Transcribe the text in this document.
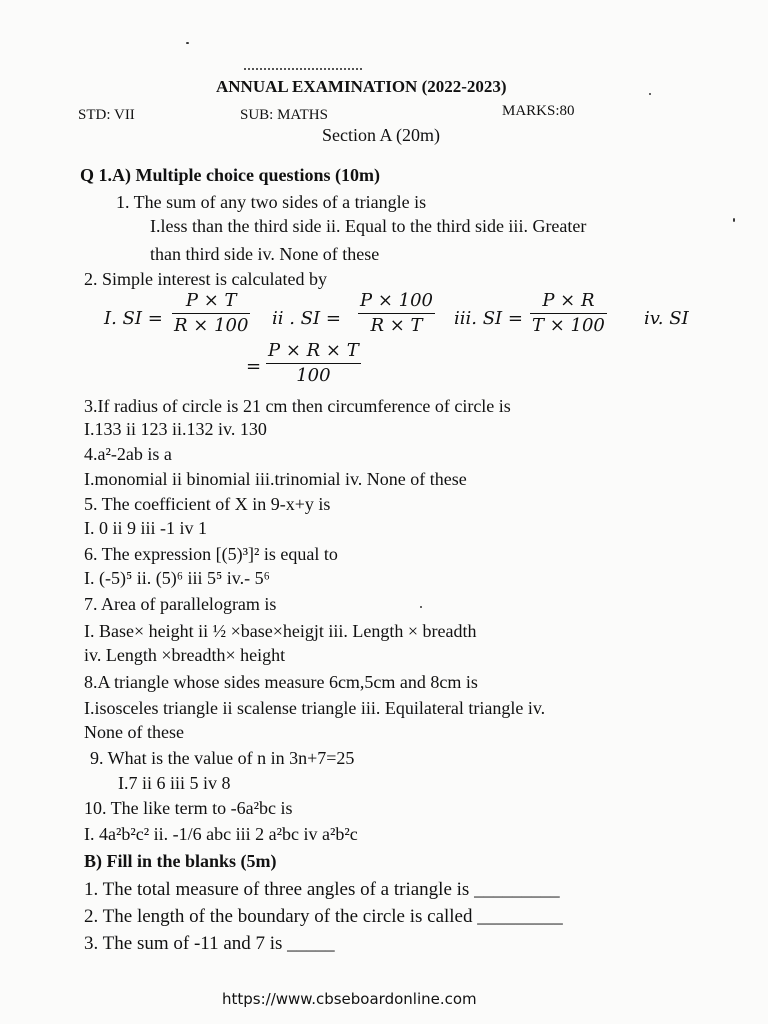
ANNUAL EXAMINATION (2022-2023)
STD: VII	SUB: MATHS	MARKS:80
Section A (20m)
Q 1.A) Multiple choice questions (10m)
1. The sum of any two sides of a triangle is
I.less than the third side ii. Equal to the third side iii. Greater
than third side iv. None of these
2. Simple interest is calculated by
I. SI =
P × T
R × 100 ii . SI =
P × 100
R × T iii. SI =
P × R
T × 100 iv. SI
=
P × R × T
100
3.If radius of circle is 21 cm then circumference of circle is
I.133 ii 123 ii.132 iv. 130
4.a²-2ab is a
I.monomial ii binomial iii.trinomial iv. None of these
5. The coefficient of X in 9-x+y is
I. 0 ii 9 iii -1 iv 1
6. The expression [(5)³]² is equal to
I. (-5)⁵ ii. (5)⁶ iii 5⁵ iv.- 5⁶
7. Area of parallelogram is
I. Base× height ii ½ ×base×heigjt iii. Length × breadth
iv. Length ×breadth× height
8.A triangle whose sides measure 6cm,5cm and 8cm is
I.isosceles triangle ii scalense triangle iii. Equilateral triangle iv.
None of these
9. What is the value of n in 3n+7=25
I.7 ii 6 iii 5 iv 8
10. The like term to -6a²bc is
I. 4a²b²c² ii. -1/6 abc iii 2 a²bc iv a²b²c
B) Fill in the blanks (5m)
1. The total measure of three angles of a triangle is _________
2. The length of the boundary of the circle is called _________
3. The sum of -11 and 7 is _____
https://www.cbseboardonline.com
